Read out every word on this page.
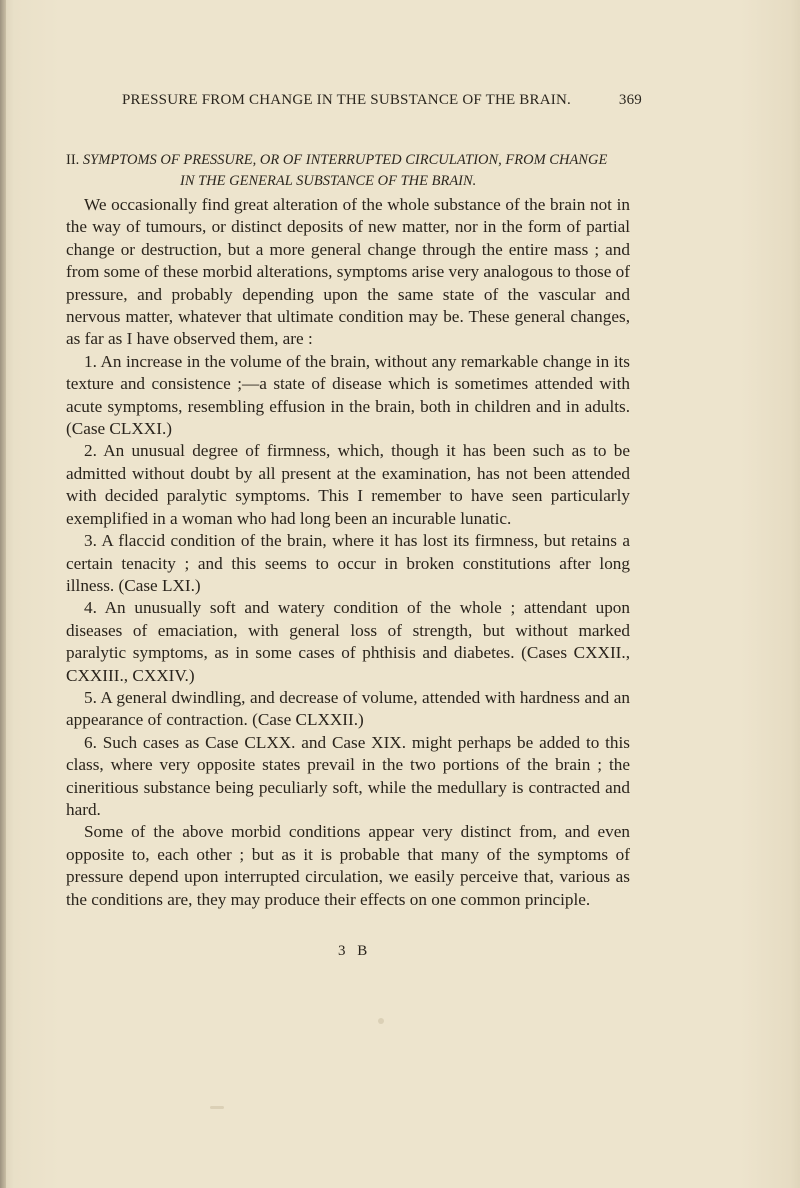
PRESSURE FROM CHANGE IN THE SUBSTANCE OF THE BRAIN.	369
II. SYMPTOMS OF PRESSURE, OR OF INTERRUPTED CIRCULATION, FROM CHANGE
IN THE GENERAL SUBSTANCE OF THE BRAIN.

We occasionally find great alteration of the whole substance of the brain not in the way of tumours, or distinct deposits of new matter, nor in the form of partial change or destruction, but a more general change through the entire mass ; and from some of these morbid alterations, symptoms arise very analogous to those of pressure, and probably depending upon the same state of the vascular and nervous matter, whatever that ultimate condition may be. These general changes, as far as I have observed them, are :

1. An increase in the volume of the brain, without any remarkable change in its texture and consistence ;—a state of disease which is sometimes attended with acute symptoms, resembling effusion in the brain, both in children and in adults. (Case CLXXI.)

2. An unusual degree of firmness, which, though it has been such as to be admitted without doubt by all present at the examination, has not been attended with decided paralytic symptoms. This I remember to have seen particularly exemplified in a woman who had long been an incurable lunatic.

3. A flaccid condition of the brain, where it has lost its firmness, but retains a certain tenacity ; and this seems to occur in broken constitutions after long illness. (Case LXI.)

4. An unusually soft and watery condition of the whole ; attendant upon diseases of emaciation, with general loss of strength, but without marked paralytic symptoms, as in some cases of phthisis and diabetes. (Cases CXXII., CXXIII., CXXIV.)

5. A general dwindling, and decrease of volume, attended with hardness and an appearance of contraction. (Case CLXXII.)

6. Such cases as Case CLXX. and Case XIX. might perhaps be added to this class, where very opposite states prevail in the two portions of the brain ; the cineritious substance being peculiarly soft, while the medullary is contracted and hard.

Some of the above morbid conditions appear very distinct from, and even opposite to, each other ; but as it is probable that many of the symptoms of pressure depend upon interrupted circulation, we easily perceive that, various as the conditions are, they may produce their effects on one common principle.

3 B
